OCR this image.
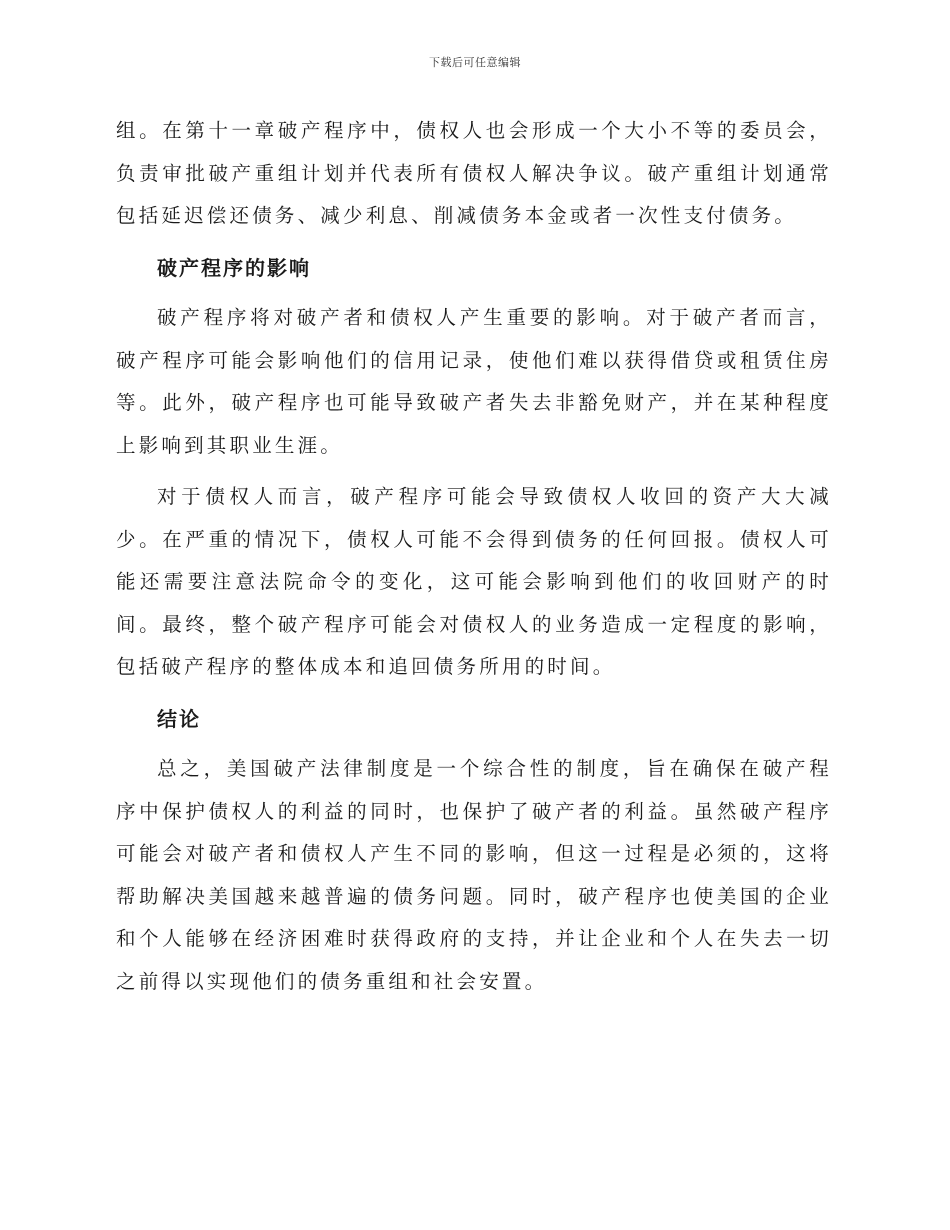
下载后可任意编辑

组。在第十一章破产程序中，债权人也会形成一个大小不等的委员会，负责审批破产重组计划并代表所有债权人解决争议。破产重组计划通常包括延迟偿还债务、减少利息、削减债务本金或者一次性支付债务。

破产程序的影响

破产程序将对破产者和债权人产生重要的影响。对于破产者而言，破产程序可能会影响他们的信用记录，使他们难以获得借贷或租赁住房等。此外，破产程序也可能导致破产者失去非豁免财产，并在某种程度上影响到其职业生涯。

对于债权人而言，破产程序可能会导致债权人收回的资产大大减少。在严重的情况下，债权人可能不会得到债务的任何回报。债权人可能还需要注意法院命令的变化，这可能会影响到他们的收回财产的时间。最终，整个破产程序可能会对债权人的业务造成一定程度的影响，包括破产程序的整体成本和追回债务所用的时间。

结论

总之，美国破产法律制度是一个综合性的制度，旨在确保在破产程序中保护债权人的利益的同时，也保护了破产者的利益。虽然破产程序可能会对破产者和债权人产生不同的影响，但这一过程是必须的，这将帮助解决美国越来越普遍的债务问题。同时，破产程序也使美国的企业和个人能够在经济困难时获得政府的支持，并让企业和个人在失去一切之前得以实现他们的债务重组和社会安置。
